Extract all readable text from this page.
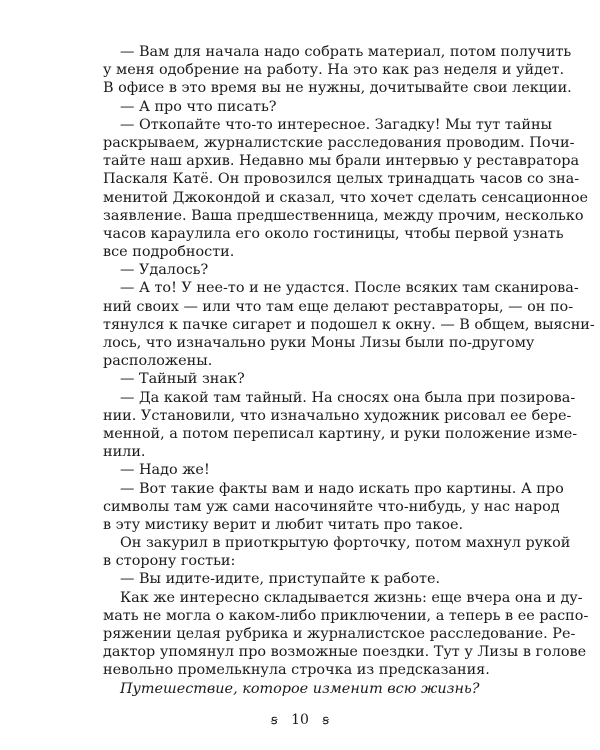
— Вам для начала надо собрать материал, потом получить
у меня одобрение на работу. На это как раз неделя и уйдет.
В офисе в это время вы не нужны, дочитывайте свои лекции.
— А про что писать?
— Откопайте что-то интересное. Загадку! Мы тут тайны
раскрываем, журналистские расследования проводим. Почи-
тайте наш архив. Недавно мы брали интервью у реставратора
Паскаля Катё. Он провозился целых тринадцать часов со зна-
менитой Джокондой и сказал, что хочет сделать сенсационное
заявление. Ваша предшественница, между прочим, несколько
часов караулила его около гостиницы, чтобы первой узнать
все подробности.
— Удалось?
— А то! У нее-то и не удастся. После всяких там сканирова-
ний своих — или что там еще делают реставраторы, — он по-
тянулся к пачке сигарет и подошел к окну. — В общем, выясни-
лось, что изначально руки Моны Лизы были по-другому
расположены.
— Тайный знак?
— Да какой там тайный. На сносях она была при позирова-
нии. Установили, что изначально художник рисовал ее бере-
менной, а потом переписал картину, и руки положение изме-
нили.
— Надо же!
— Вот такие факты вам и надо искать про картины. А про
символы там уж сами насочиняйте что-нибудь, у нас народ
в эту мистику верит и любит читать про такое.
Он закурил в приоткрытую форточку, потом махнул рукой
в сторону гостьи:
— Вы идите-идите, приступайте к работе.
Как же интересно складывается жизнь: еще вчера она и ду-
мать не могла о каком-либо приключении, а теперь в ее распо-
ряжении целая рубрика и журналистское расследование. Ре-
дактор упомянул про возможные поездки. Тут у Лизы в голове
невольно промелькнула строчка из предсказания.
Путешествие, которое изменит всю жизнь?
ꞩ 10 ꞩ
